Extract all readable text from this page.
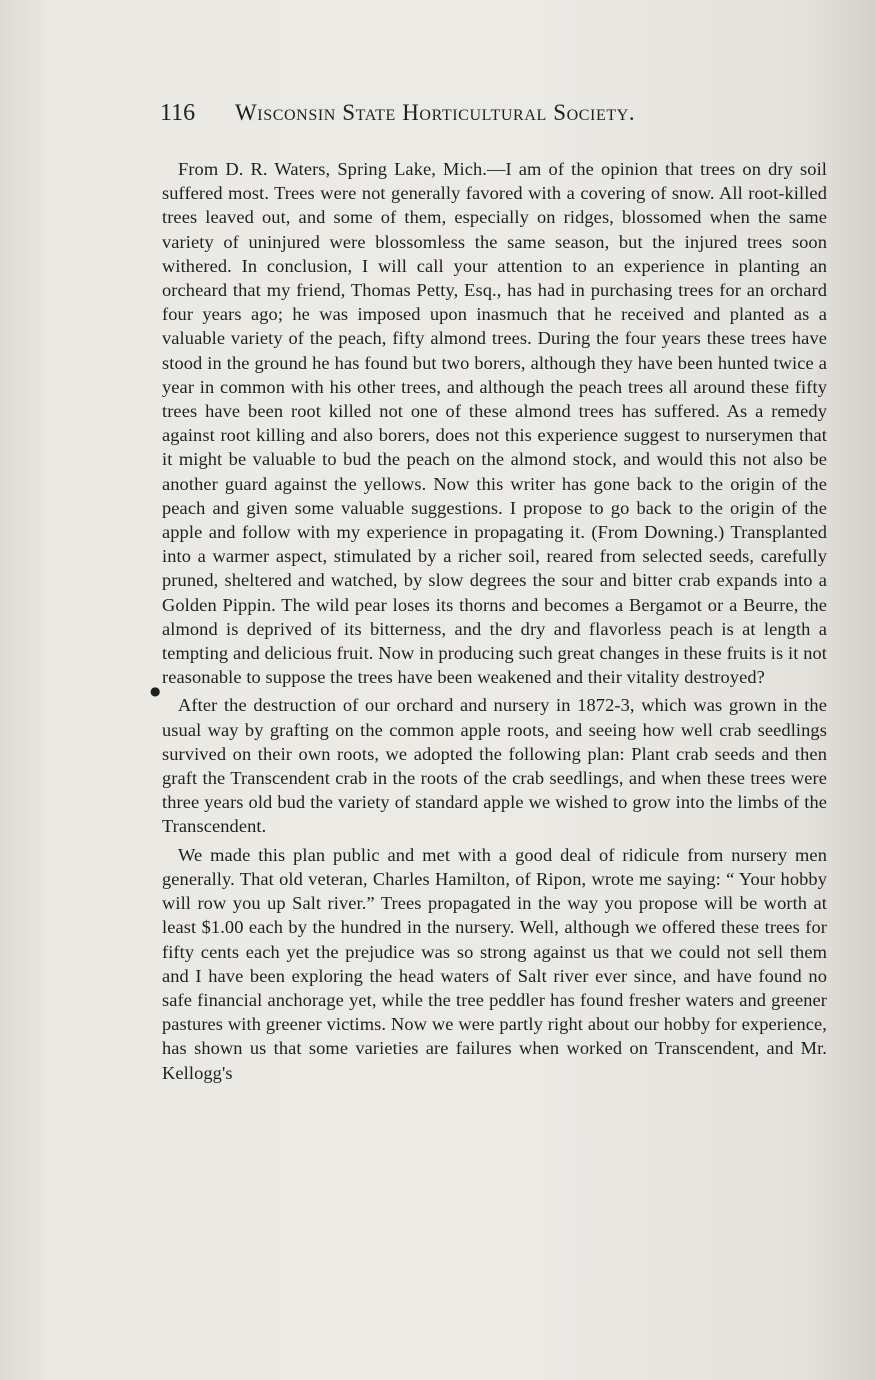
116	Wisconsin State Horticultural Society.

From D. R. Waters, Spring Lake, Mich.—I am of the opinion that trees on dry soil suffered most. Trees were not generally favored with a covering of snow. All root-killed trees leaved out, and some of them, especially on ridges, blossomed when the same variety of uninjured were blossomless the same season, but the injured trees soon withered. In conclusion, I will call your attention to an experience in planting an orcheard that my friend, Thomas Petty, Esq., has had in purchasing trees for an orchard four years ago; he was imposed upon inasmuch that he received and planted as a valuable variety of the peach, fifty almond trees. During the four years these trees have stood in the ground he has found but two borers, although they have been hunted twice a year in common with his other trees, and although the peach trees all around these fifty trees have been root killed not one of these almond trees has suffered. As a remedy against root killing and also borers, does not this experience suggest to nurserymen that it might be valuable to bud the peach on the almond stock, and would this not also be another guard against the yellows. Now this writer has gone back to the origin of the peach and given some valuable suggestions. I propose to go back to the origin of the apple and follow with my experience in propagating it. (From Downing.) Transplanted into a warmer aspect, stimulated by a richer soil, reared from selected seeds, carefully pruned, sheltered and watched, by slow degrees the sour and bitter crab expands into a Golden Pippin. The wild pear loses its thorns and becomes a Bergamot or a Beurre, the almond is deprived of its bitterness, and the dry and flavorless peach is at length a tempting and delicious fruit. Now in producing such great changes in these fruits is it not reasonable to suppose the trees have been weakened and their vitality destroyed?

After the destruction of our orchard and nursery in 1872-3, which was grown in the usual way by grafting on the common apple roots, and seeing how well crab seedlings survived on their own roots, we adopted the following plan: Plant crab seeds and then graft the Transcendent crab in the roots of the crab seedlings, and when these trees were three years old bud the variety of standard apple we wished to grow into the limbs of the Transcendent.

We made this plan public and met with a good deal of ridicule from nursery men generally. That old veteran, Charles Hamilton, of Ripon, wrote me saying: “ Your hobby will row you up Salt river.” Trees propagated in the way you propose will be worth at least $1.00 each by the hundred in the nursery. Well, although we offered these trees for fifty cents each yet the prejudice was so strong against us that we could not sell them and I have been exploring the head waters of Salt river ever since, and have found no safe financial anchorage yet, while the tree peddler has found fresher waters and greener pastures with greener victims. Now we were partly right about our hobby for experience, has shown us that some varieties are failures when worked on Transcendent, and Mr. Kellogg's

●
